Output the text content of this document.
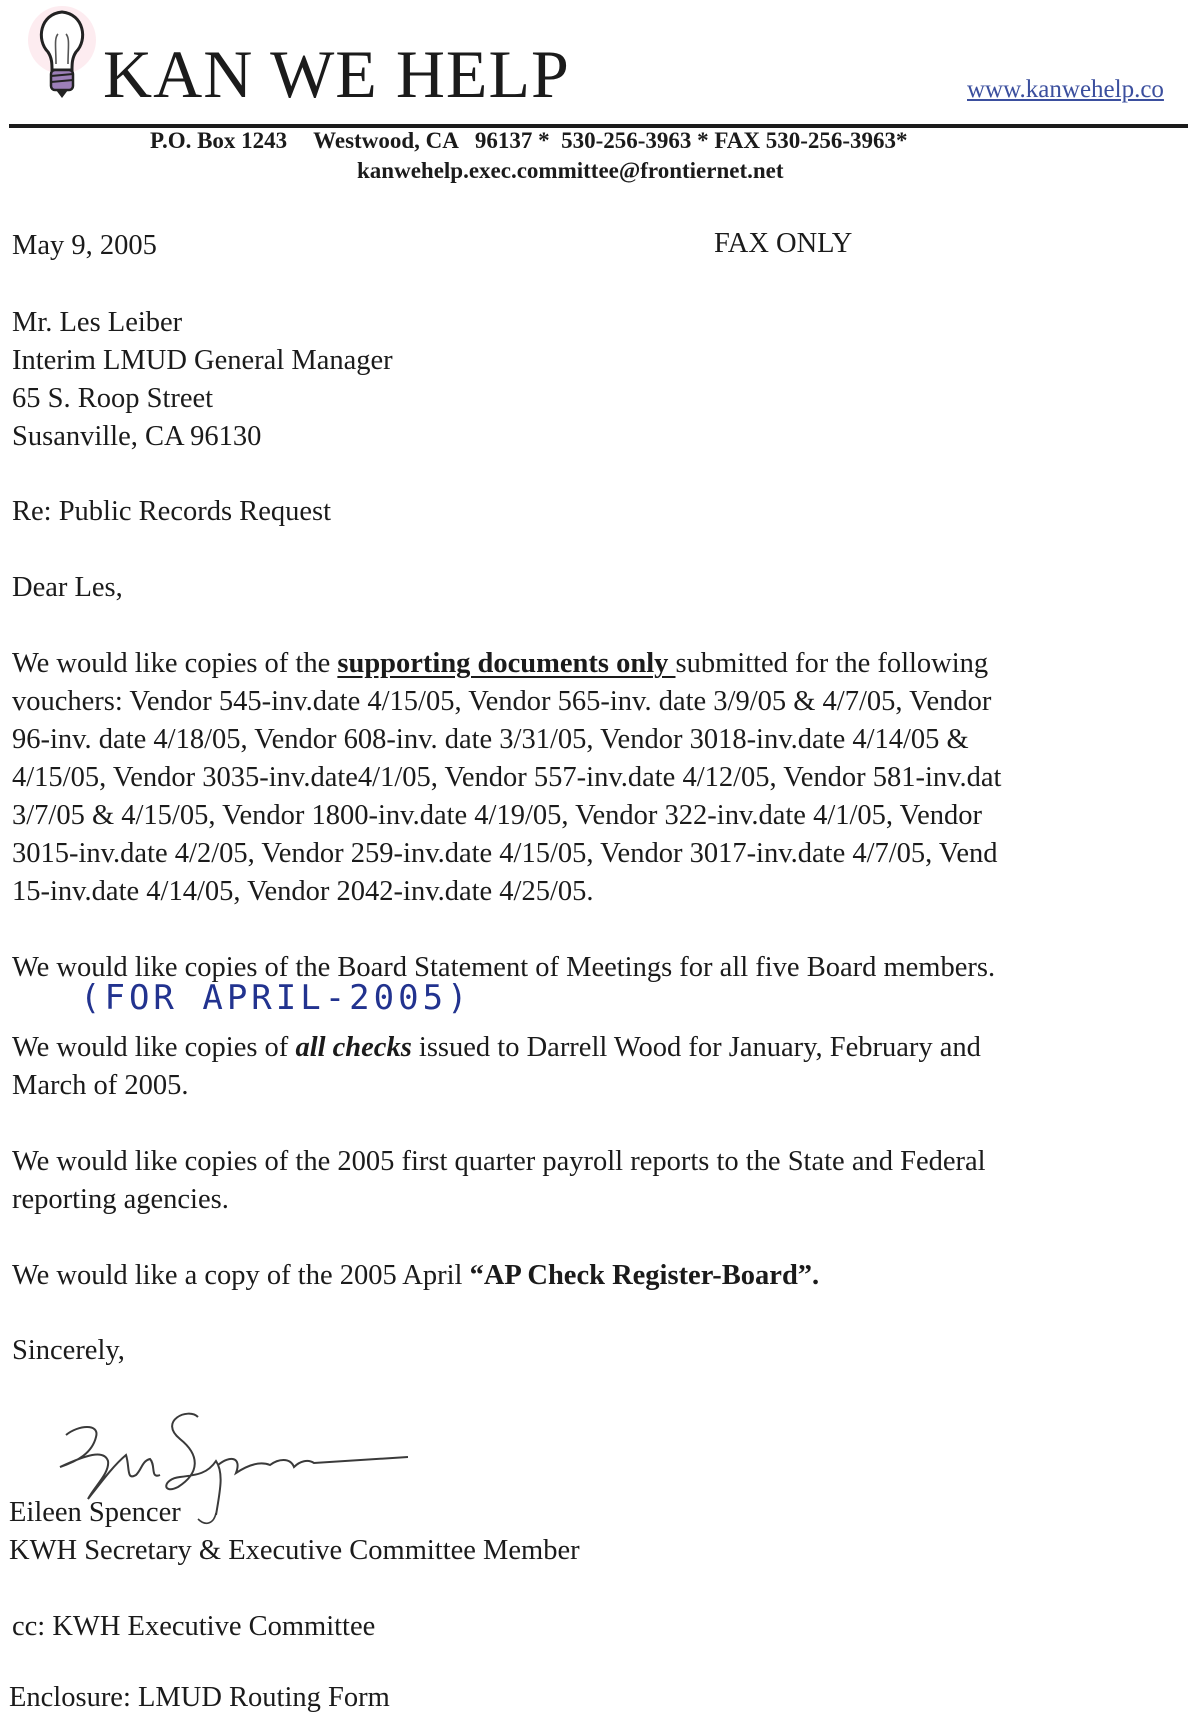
KAN WE HELP	www.kanwehelp.co
P.O. Box 1243 Westwood, CA   96137 *  530-256-3963 * FAX 530-256-3963*
kanwehelp.exec.committee@frontiernet.net
May 9, 2005	FAX ONLY
Mr. Les Leiber
Interim LMUD General Manager
65 S. Roop Street
Susanville, CA 96130
Re: Public Records Request
Dear Les,
We would like copies of the supporting documents only submitted for the following
vouchers: Vendor 545-inv.date 4/15/05, Vendor 565-inv. date 3/9/05 & 4/7/05, Vendor
96-inv. date 4/18/05, Vendor 608-inv. date 3/31/05, Vendor 3018-inv.date 4/14/05 &
4/15/05, Vendor 3035-inv.date4/1/05, Vendor 557-inv.date 4/12/05, Vendor 581-inv.dat
3/7/05 & 4/15/05, Vendor 1800-inv.date 4/19/05, Vendor 322-inv.date 4/1/05, Vendor
3015-inv.date 4/2/05, Vendor 259-inv.date 4/15/05, Vendor 3017-inv.date 4/7/05, Vend
15-inv.date 4/14/05, Vendor 2042-inv.date 4/25/05.
We would like copies of the Board Statement of Meetings for all five Board members.
(FOR APRIL-2005)
We would like copies of all checks issued to Darrell Wood for January, February and
March of 2005.
We would like copies of the 2005 first quarter payroll reports to the State and Federal
reporting agencies.
We would like a copy of the 2005 April “AP Check Register-Board”.
Sincerely,
Eileen Spencer
KWH Secretary & Executive Committee Member
cc: KWH Executive Committee
Enclosure: LMUD Routing Form
